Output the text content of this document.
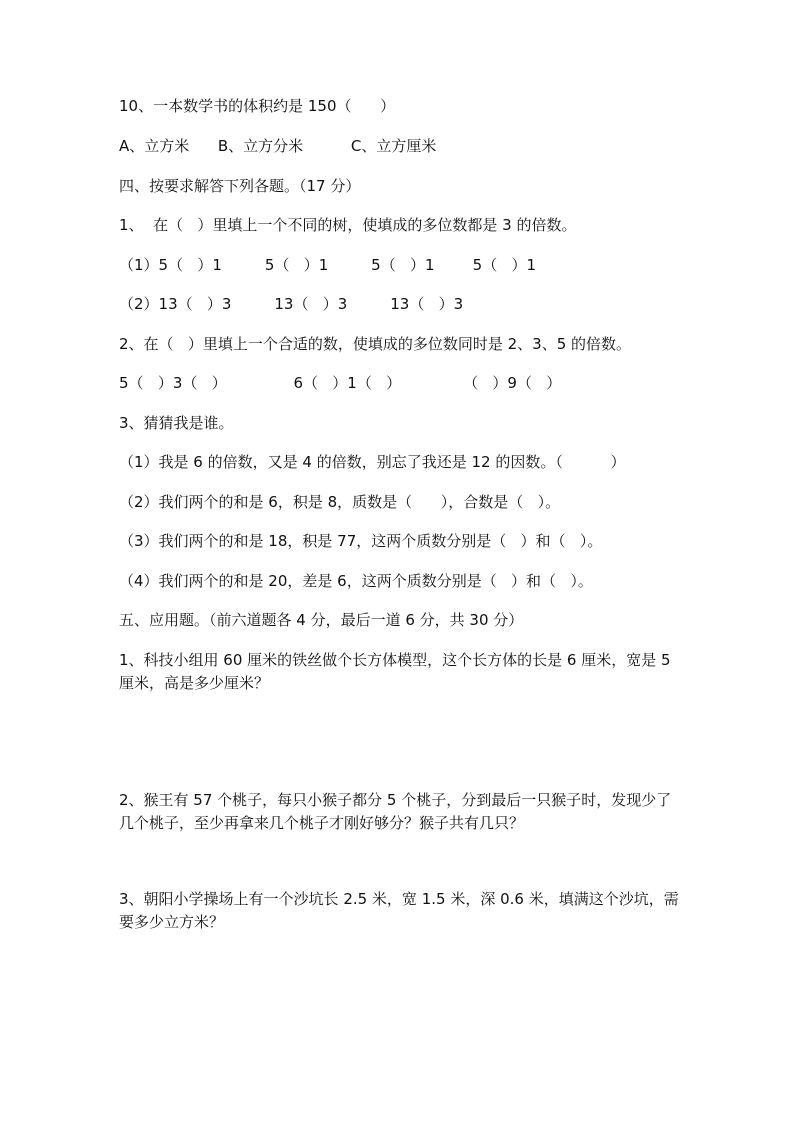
10、一本数学书的体积约是 150（      ）
A、立方米      B、立方分米          C、立方厘米
四、按要求解答下列各题。（17 分）
1、  在（   ）里填上一个不同的树，使填成的多位数都是 3 的倍数。
（1）5（   ）1         5（   ）1         5（   ）1        5（   ）1
（2）13（   ）3         13（   ）3         13（   ）3
2、在（   ）里填上一个合适的数，使填成的多位数同时是 2、3、5 的倍数。
5（   ）3（   ）              6（   ）1（   ）             （   ）9（   ）
3、猜猜我是谁。
（1）我是 6 的倍数，又是 4 的倍数，别忘了我还是 12 的因数。（          ）
（2）我们两个的和是 6，积是 8，质数是（      ），合数是（   ）。
（3）我们两个的和是 18，积是 77，这两个质数分别是（   ）和（   ）。
（4）我们两个的和是 20，差是 6，这两个质数分别是（   ）和（   ）。
五、应用题。（前六道题各 4 分，最后一道 6 分，共 30 分）
1、科技小组用 60 厘米的铁丝做个长方体模型，这个长方体的长是 6 厘米，宽是 5 厘米，高是多少厘米？
2、猴王有 57 个桃子，每只小猴子都分 5 个桃子，分到最后一只猴子时，发现少了几个桃子，至少再拿来几个桃子才刚好够分？猴子共有几只？
3、朝阳小学操场上有一个沙坑长 2.5 米，宽 1.5 米，深 0.6 米，填满这个沙坑，需要多少立方米？
